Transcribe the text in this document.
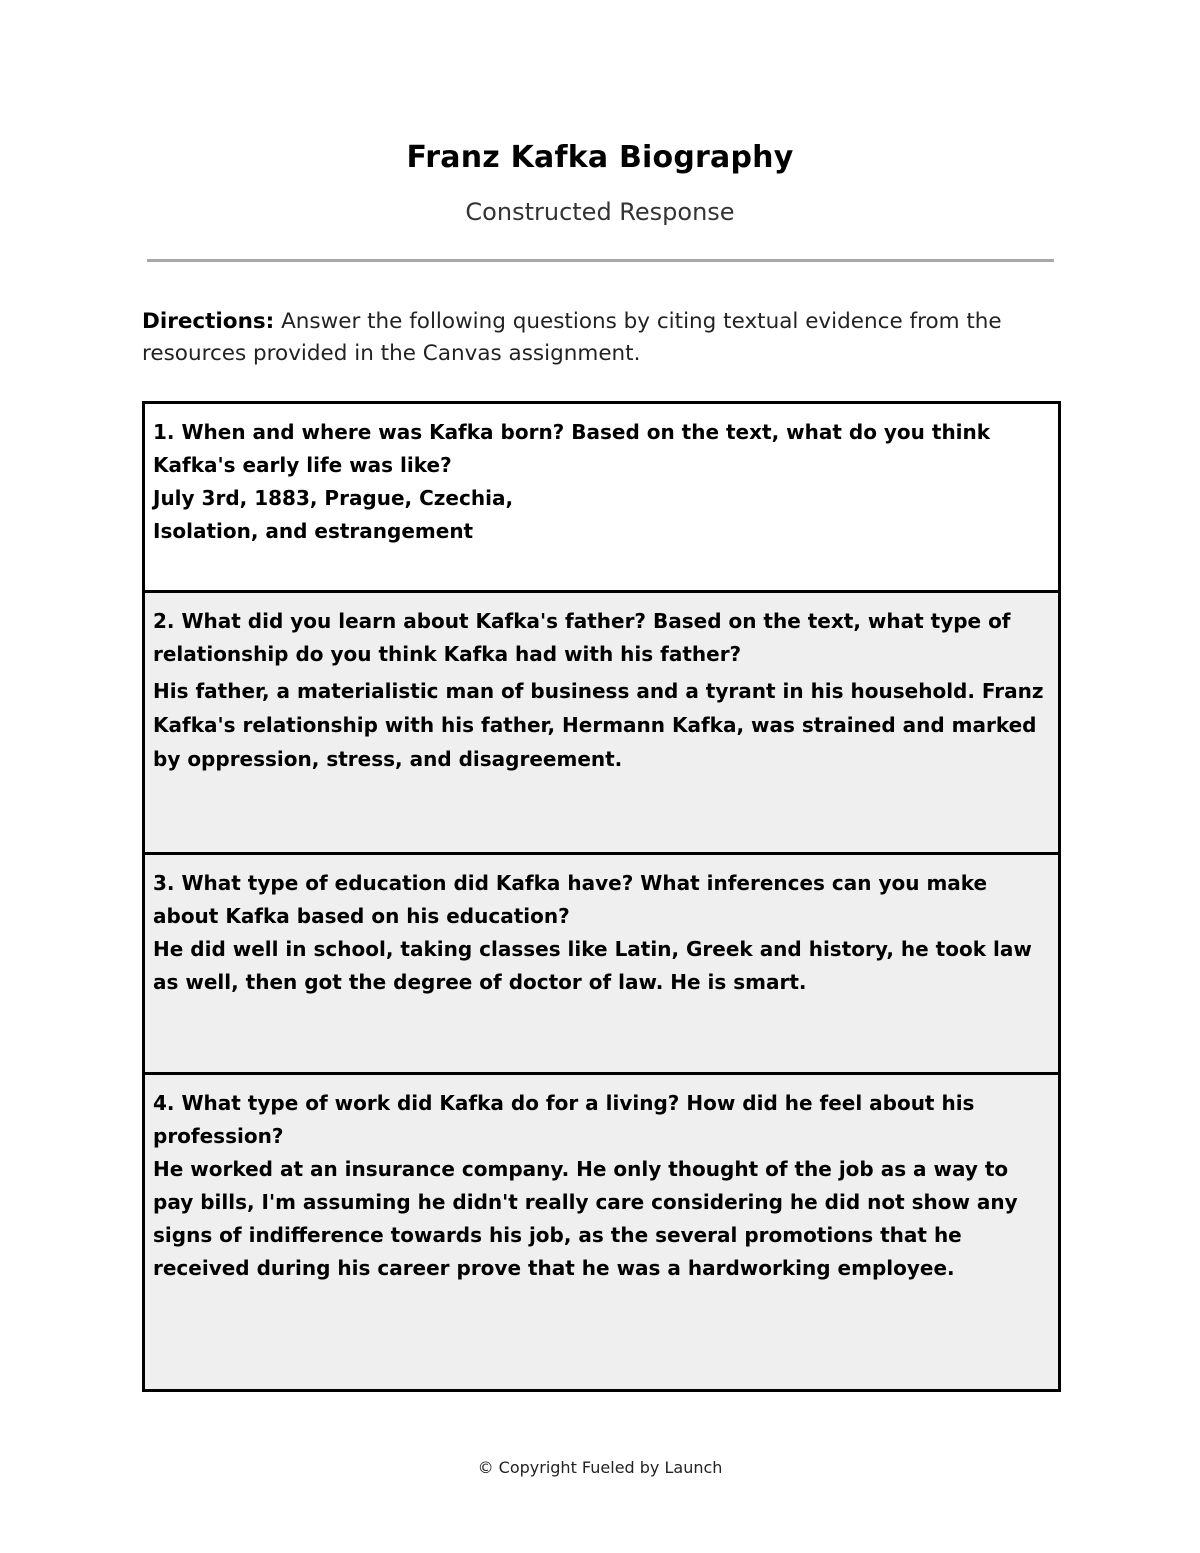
Franz Kafka Biography
Constructed Response
Directions: Answer the following questions by citing textual evidence from the resources provided in the Canvas assignment.
1. When and where was Kafka born? Based on the text, what do you think Kafka's early life was like?
July 3rd, 1883, Prague, Czechia,
Isolation, and estrangement
2. What did you learn about Kafka's father? Based on the text, what type of relationship do you think Kafka had with his father?
His father, a materialistic man of business and a tyrant in his household. Franz Kafka's relationship with his father, Hermann Kafka, was strained and marked by oppression, stress, and disagreement.
3. What type of education did Kafka have? What inferences can you make about Kafka based on his education?
He did well in school, taking classes like Latin, Greek and history, he took law as well, then got the degree of doctor of law. He is smart.
4. What type of work did Kafka do for a living? How did he feel about his profession?
He worked at an insurance company. He only thought of the job as a way to pay bills, I'm assuming he didn't really care considering he did not show any signs of indifference towards his job, as the several promotions that he received during his career prove that he was a hardworking employee.
© Copyright Fueled by Launch
